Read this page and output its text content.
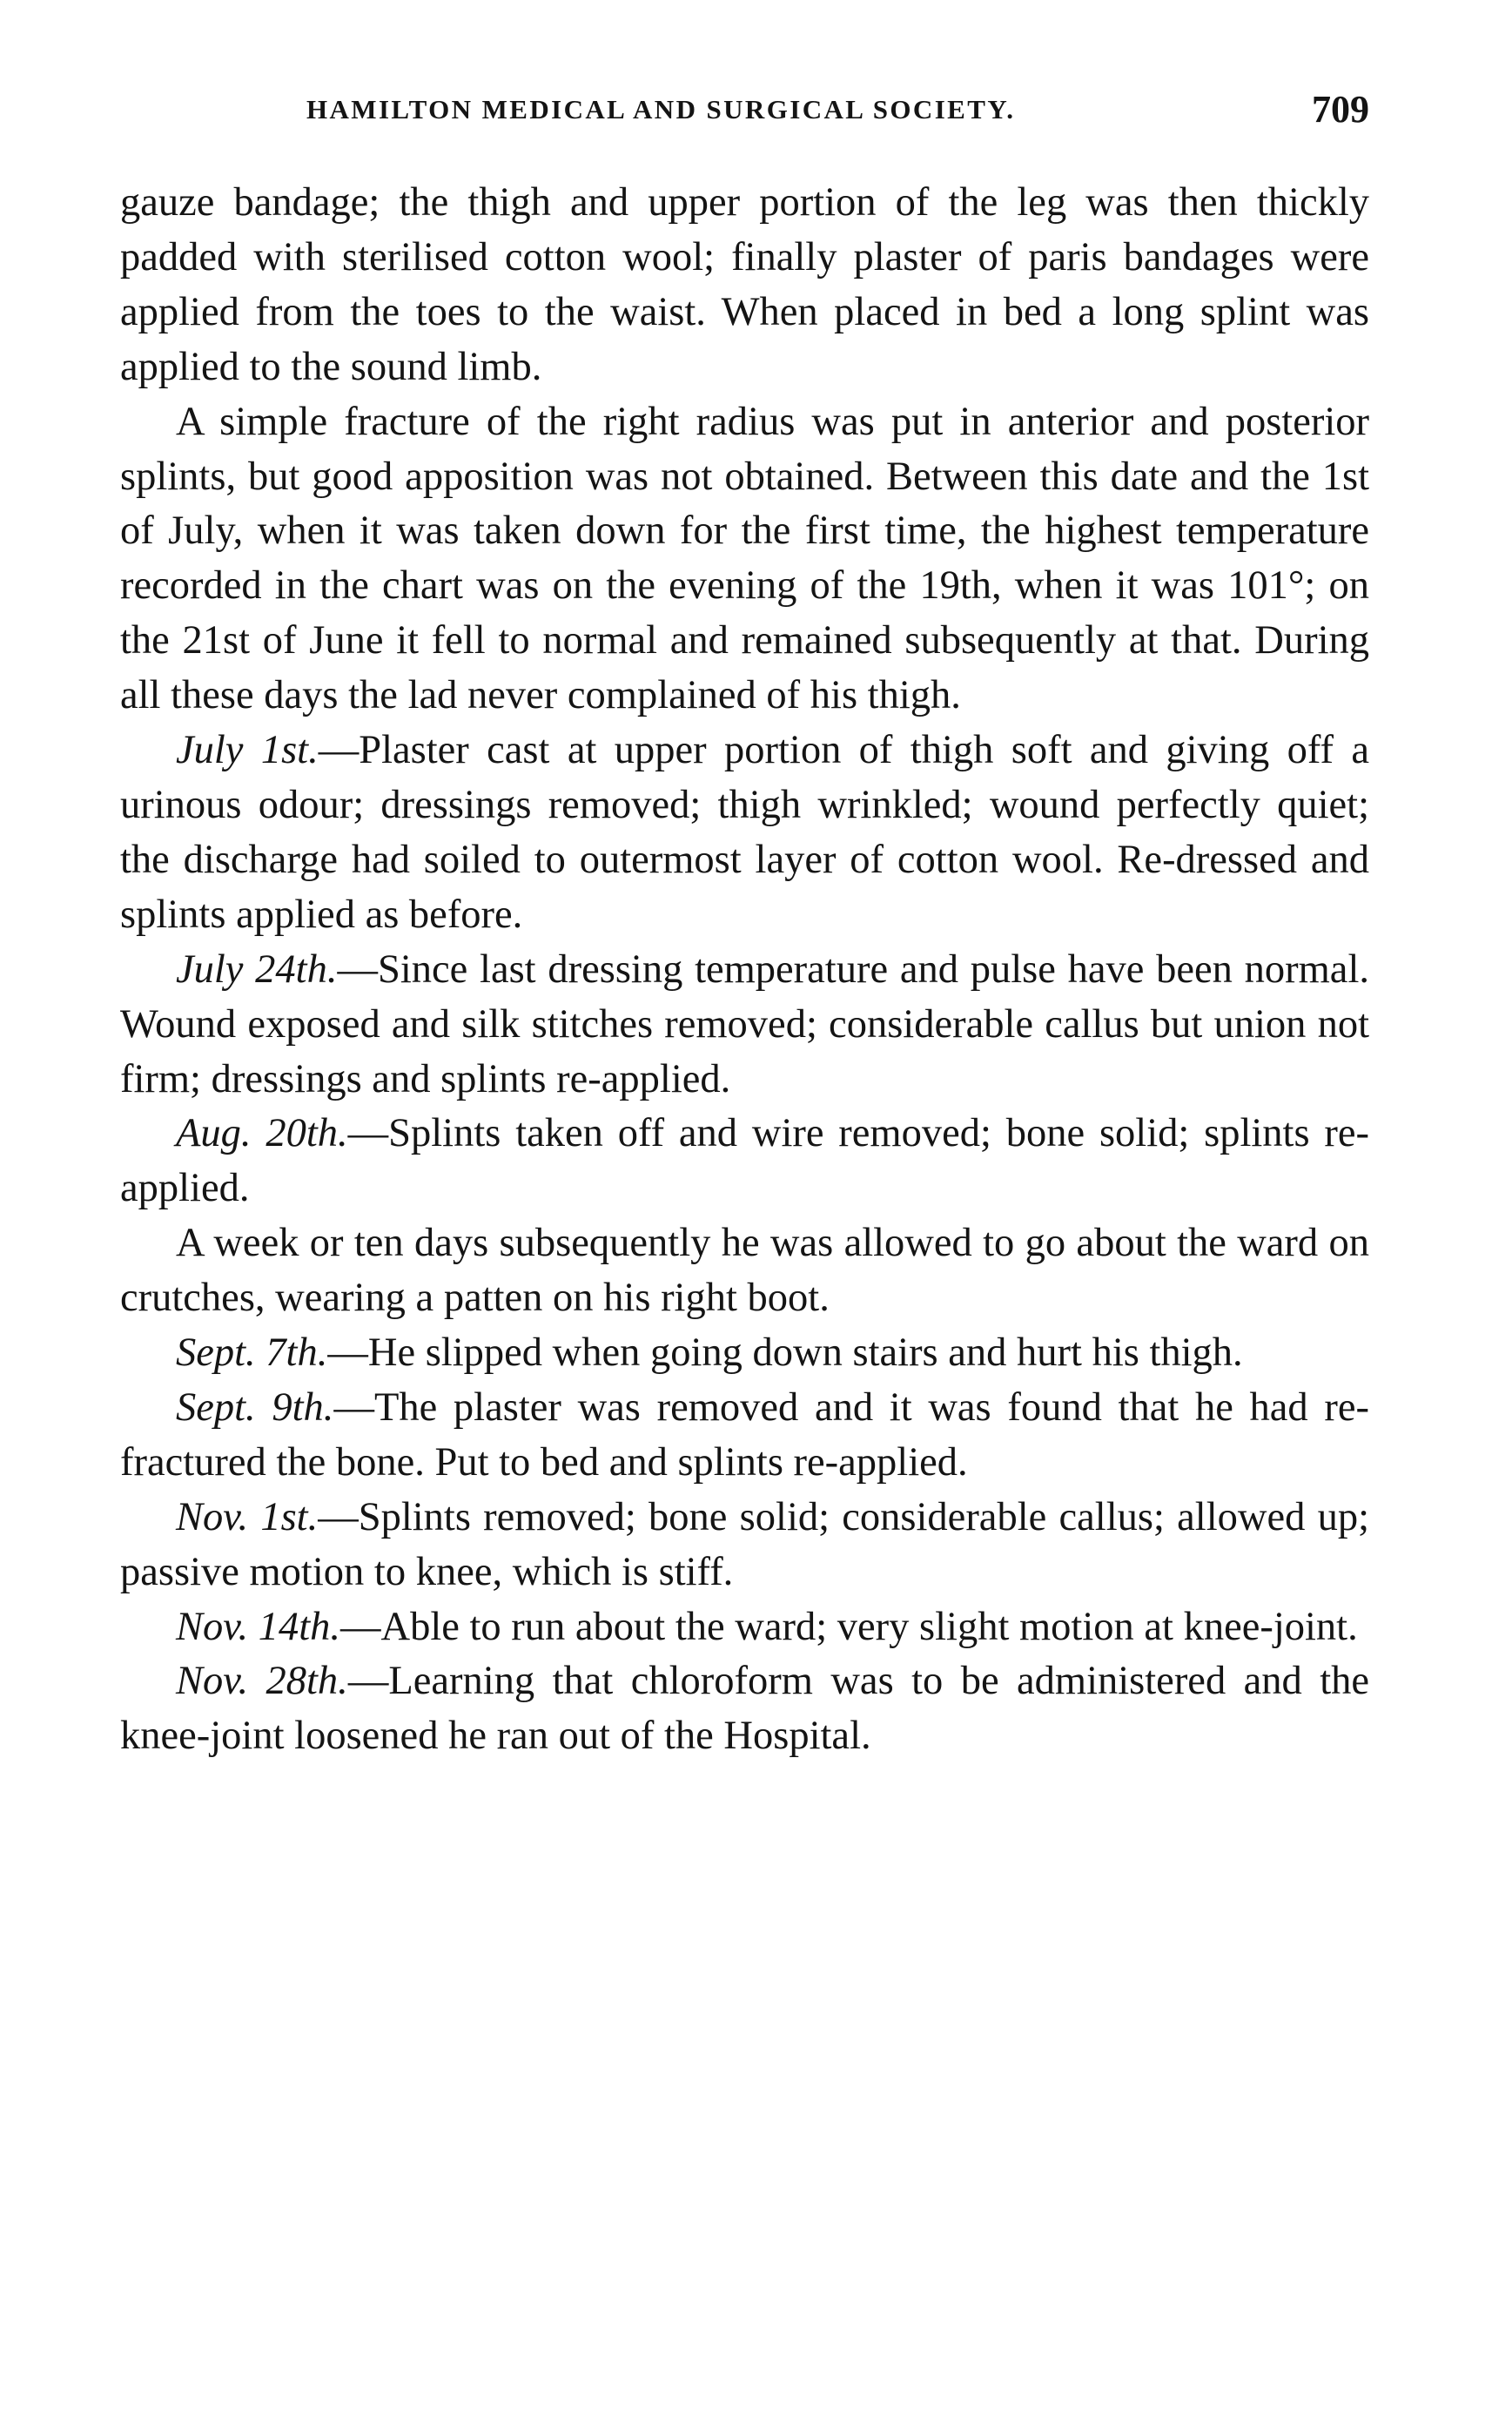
HAMILTON MEDICAL AND SURGICAL SOCIETY.	709

gauze bandage; the thigh and upper portion of the leg was then thickly padded with sterilised cotton wool; finally plaster of paris bandages were applied from the toes to the waist. When placed in bed a long splint was applied to the sound limb.

A simple fracture of the right radius was put in anterior and posterior splints, but good apposition was not obtained. Between this date and the 1st of July, when it was taken down for the first time, the highest temperature recorded in the chart was on the evening of the 19th, when it was 101°; on the 21st of June it fell to normal and remained subsequently at that. During all these days the lad never complained of his thigh.

July 1st.—Plaster cast at upper portion of thigh soft and giving off a urinous odour; dressings removed; thigh wrinkled; wound perfectly quiet; the discharge had soiled to outermost layer of cotton wool. Re-dressed and splints applied as before.

July 24th.—Since last dressing temperature and pulse have been normal. Wound exposed and silk stitches removed; considerable callus but union not firm; dressings and splints re-applied.

Aug. 20th.—Splints taken off and wire removed; bone solid; splints re-applied.

A week or ten days subsequently he was allowed to go about the ward on crutches, wearing a patten on his right boot.

Sept. 7th.—He slipped when going down stairs and hurt his thigh.

Sept. 9th.—The plaster was removed and it was found that he had re-fractured the bone. Put to bed and splints re-applied.

Nov. 1st.—Splints removed; bone solid; considerable callus; allowed up; passive motion to knee, which is stiff.

Nov. 14th.—Able to run about the ward; very slight motion at knee-joint.

Nov. 28th.—Learning that chloroform was to be administered and the knee-joint loosened he ran out of the Hospital.
